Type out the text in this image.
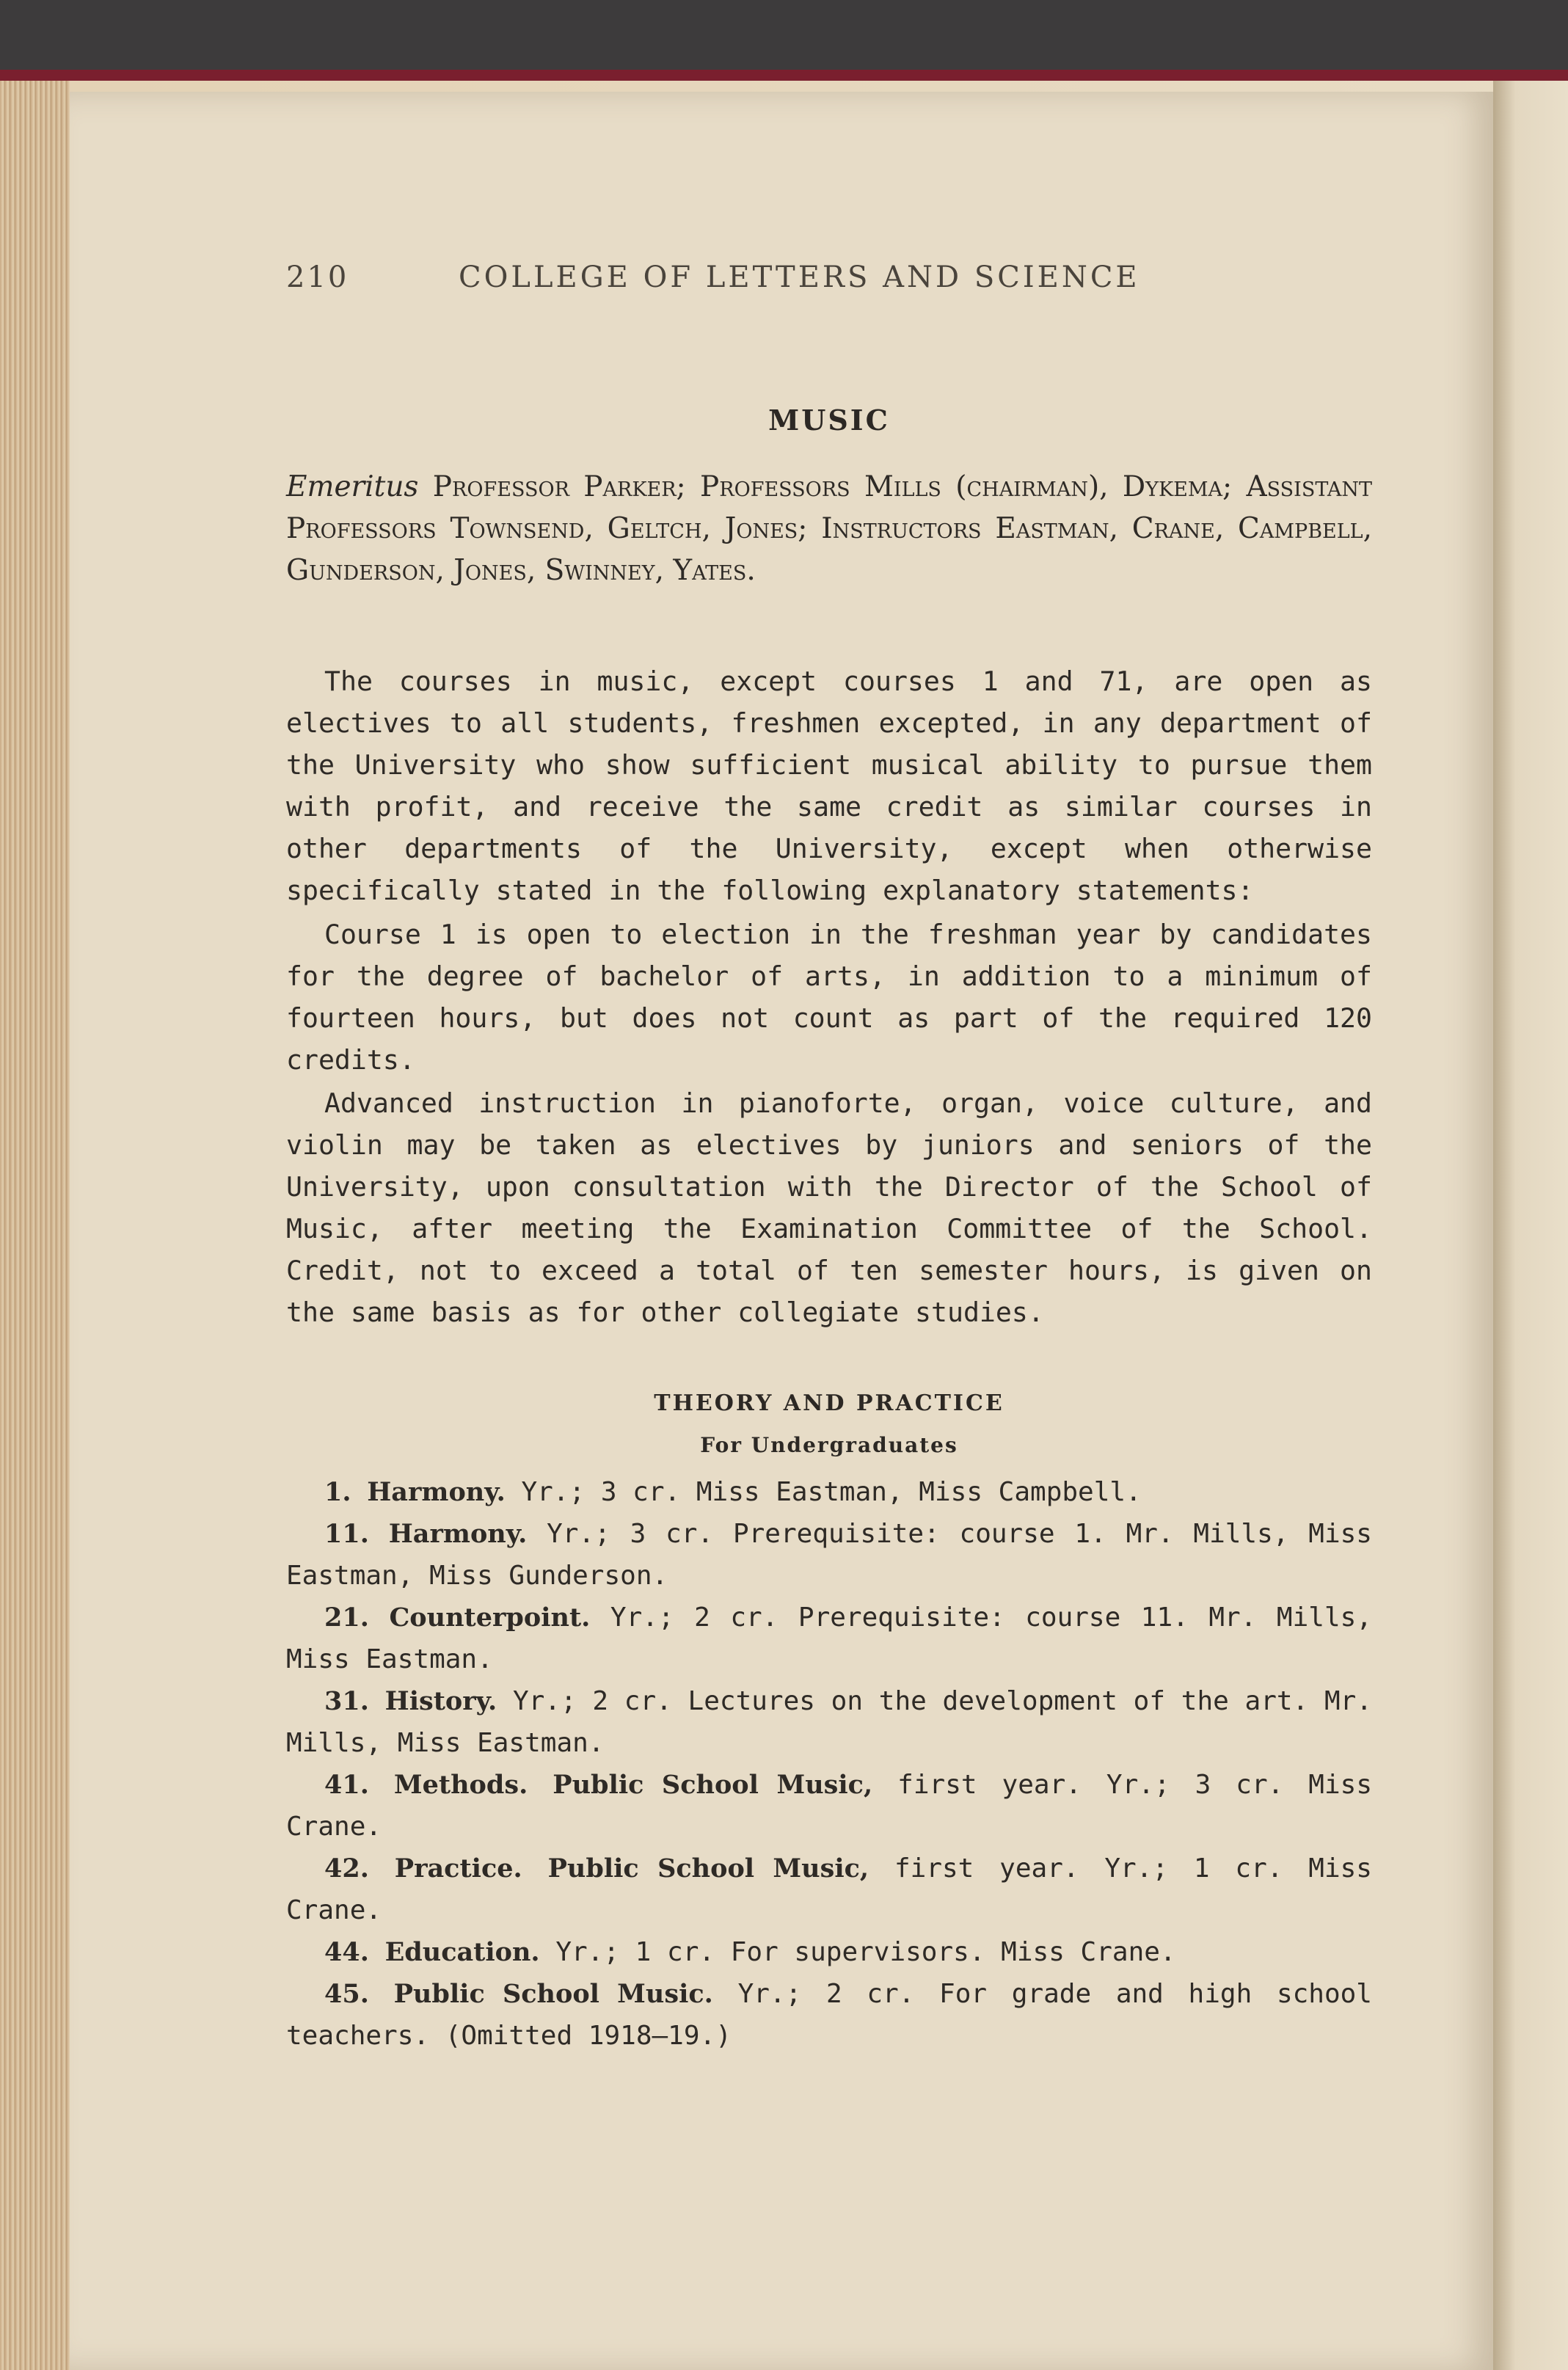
210	COLLEGE OF LETTERS AND SCIENCE
MUSIC
Emeritus Professor Parker; Professors Mills (chairman), Dykema; Assistant Professors Townsend, Geltch, Jones; Instructors Eastman, Crane, Campbell, Gunderson, Jones, Swinney, Yates.
The courses in music, except courses 1 and 71, are open as electives to all students, freshmen excepted, in any department of the University who show sufficient musical ability to pursue them with profit, and receive the same credit as similar courses in other departments of the University, except when otherwise specifically stated in the following explanatory statements:
Course 1 is open to election in the freshman year by candidates for the degree of bachelor of arts, in addition to a minimum of fourteen hours, but does not count as part of the required 120 credits.
Advanced instruction in pianoforte, organ, voice culture, and violin may be taken as electives by juniors and seniors of the University, upon consultation with the Director of the School of Music, after meeting the Examination Committee of the School. Credit, not to exceed a total of ten semester hours, is given on the same basis as for other collegiate studies.
THEORY AND PRACTICE
For Undergraduates
1. Harmony. Yr.; 3 cr. Miss Eastman, Miss Campbell.
11. Harmony. Yr.; 3 cr. Prerequisite: course 1. Mr. Mills, Miss Eastman, Miss Gunderson.
21. Counterpoint. Yr.; 2 cr. Prerequisite: course 11. Mr. Mills, Miss Eastman.
31. History. Yr.; 2 cr. Lectures on the development of the art. Mr. Mills, Miss Eastman.
41. Methods. Public School Music, first year. Yr.; 3 cr. Miss Crane.
42. Practice. Public School Music, first year. Yr.; 1 cr. Miss Crane.
44. Education. Yr.; 1 cr. For supervisors. Miss Crane.
45. Public School Music. Yr.; 2 cr. For grade and high school teachers. (Omitted 1918–19.)
